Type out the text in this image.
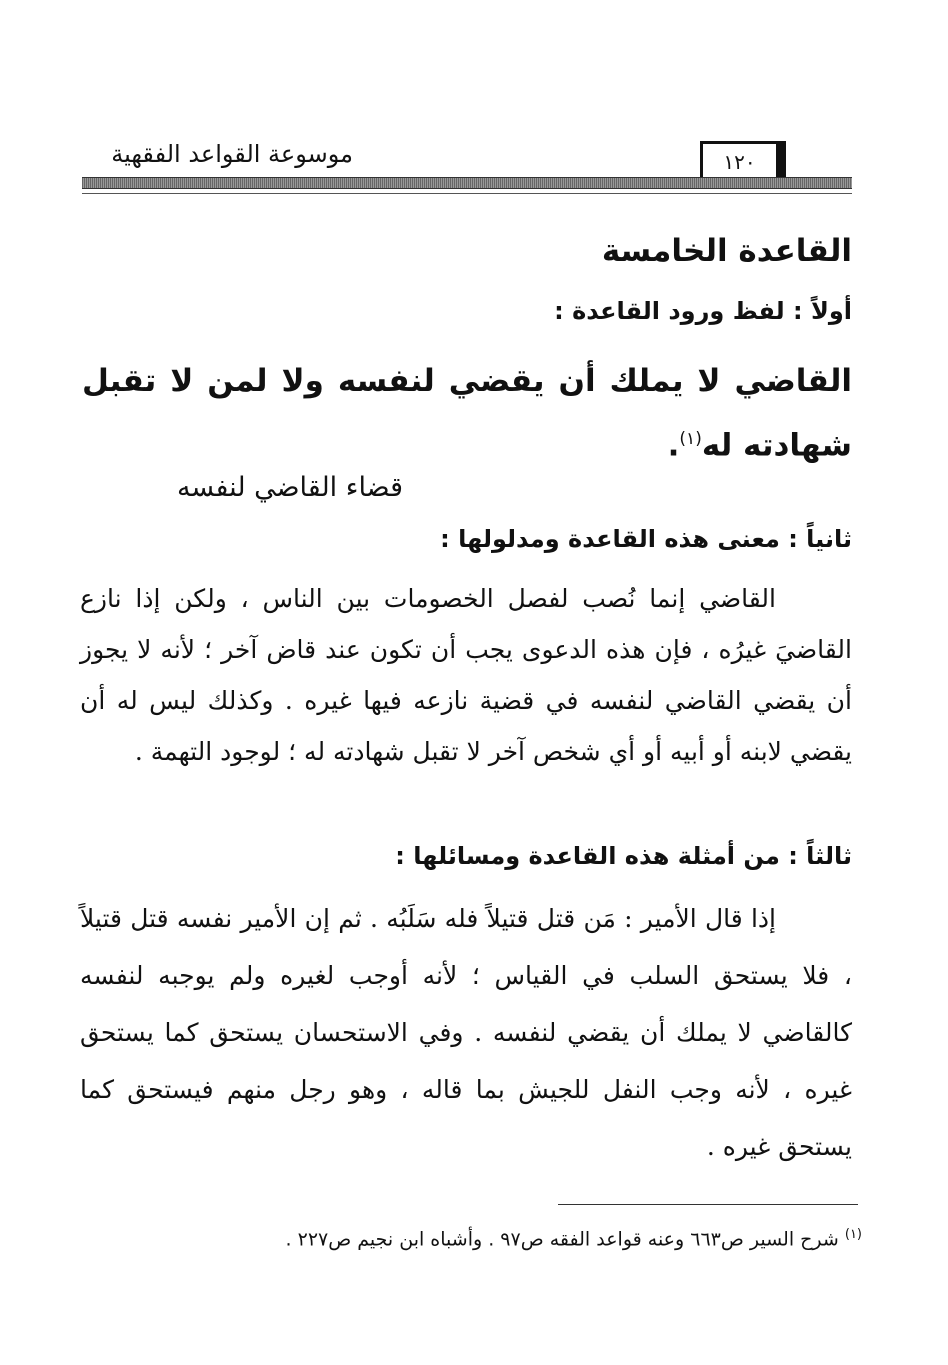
موسوعة القواعد الفقهية	١٢٠
القاعدة الخامسة
أولاً : لفظ ورود القاعدة :
القاضي لا يملك أن يقضي لنفسه ولا لمن لا تقبل شهادته له$^{(١)}$.
قضاء القاضي لنفسه
ثانياً : معنى هذه القاعدة ومدلولها :

القاضي إنما نُصب لفصل الخصومات بين الناس ، ولكن إذا نازع القاضيَ غيرُه ، فإن هذه الدعوى يجب أن تكون عند قاض آخر ؛ لأنه لا يجوز أن يقضي القاضي لنفسه في قضية نازعه فيها غيره . وكذلك ليس له أن يقضي لابنه أو أبيه أو أي شخص آخر لا تقبل شهادته له ؛ لوجود التهمة .

ثالثاً : من أمثلة هذه القاعدة ومسائلها :

إذا قال الأمير : مَن قتل قتيلاً فله سَلَبُه . ثم إن الأمير نفسه قتل قتيلاً ، فلا يستحق السلب في القياس ؛ لأنه أوجب لغيره ولم يوجبه لنفسه كالقاضي لا يملك أن يقضي لنفسه . وفي الاستحسان يستحق كما يستحق غيره ، لأنه وجب النفل للجيش بما قاله ، وهو رجل منهم فيستحق كما يستحق غيره .

$^{(١)}$ شرح السير ص٦٦٣ وعنه قواعد الفقه ص٩٧ . وأشباه ابن نجيم ص٢٢٧ .
